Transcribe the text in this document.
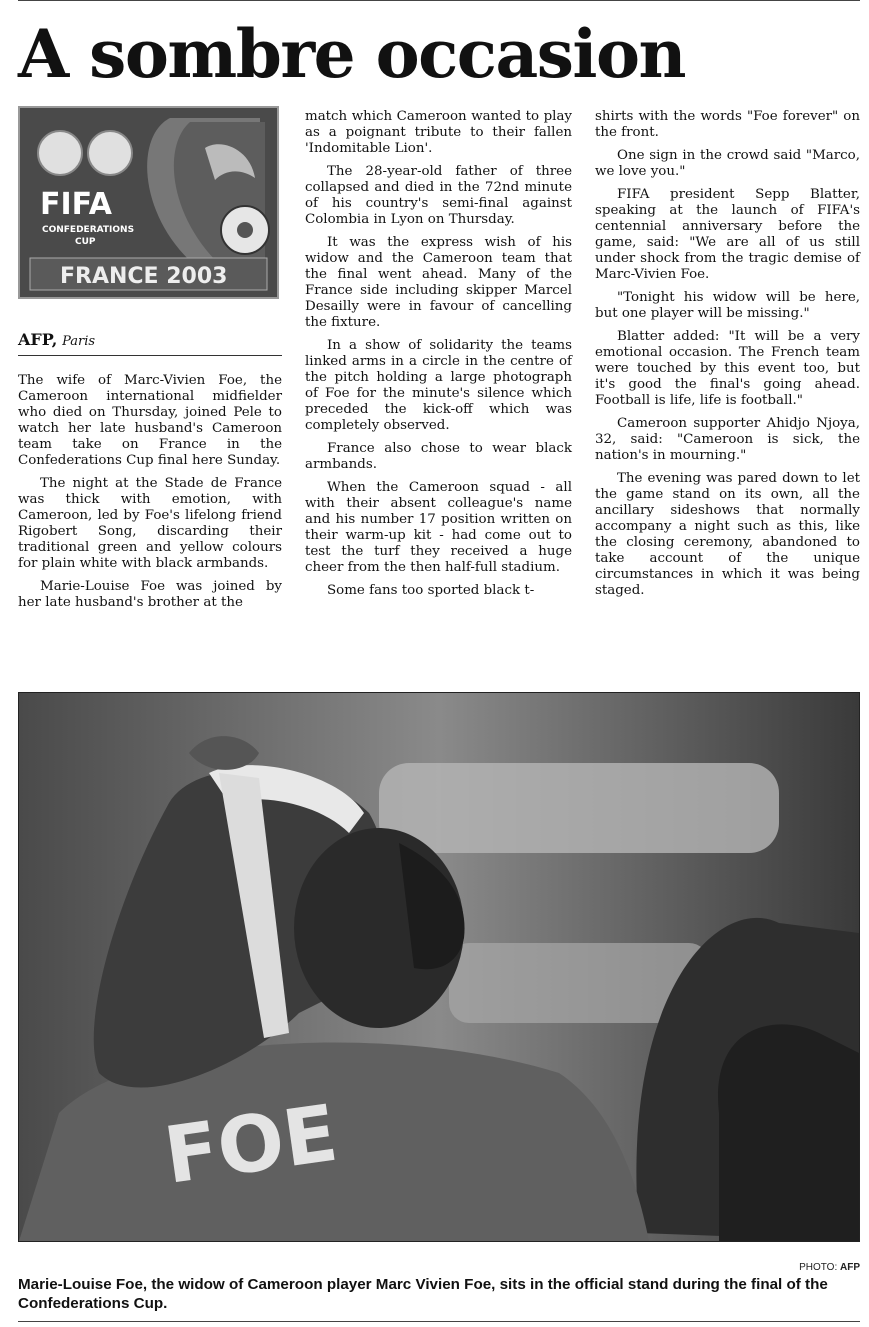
A sombre occasion
FIFA
CONFEDERATIONS
CUP
FRANCE 2003
AFP, Paris

The wife of Marc-Vivien Foe, the Cameroon international midfielder who died on Thursday, joined Pele to watch her late husband's Cameroon team take on France in the Confederations Cup final here Sunday.

The night at the Stade de France was thick with emotion, with Cameroon, led by Foe's lifelong friend Rigobert Song, discarding their traditional green and yellow colours for plain white with black armbands.

Marie-Louise Foe was joined by her late husband's brother at the

match which Cameroon wanted to play as a poignant tribute to their fallen 'Indomitable Lion'.

The 28-year-old father of three collapsed and died in the 72nd minute of his country's semi-final against Colombia in Lyon on Thursday.

It was the express wish of his widow and the Cameroon team that the final went ahead. Many of the France side including skipper Marcel Desailly were in favour of cancelling the fixture.

In a show of solidarity the teams linked arms in a circle in the centre of the pitch holding a large photograph of Foe for the minute's silence which preceded the kick-off which was completely observed.

France also chose to wear black armbands.

When the Cameroon squad - all with their absent colleague's name and his number 17 position written on their warm-up kit - had come out to test the turf they received a huge cheer from the then half-full stadium.

Some fans too sported black t-

shirts with the words "Foe forever" on the front.

One sign in the crowd said "Marco, we love you."

FIFA president Sepp Blatter, speaking at the launch of FIFA's centennial anniversary before the game, said: "We are all of us still under shock from the tragic demise of Marc-Vivien Foe.

"Tonight his widow will be here, but one player will be missing."

Blatter added: "It will be a very emotional occasion. The French team were touched by this event too, but it's good the final's going ahead. Football is life, life is football."

Cameroon supporter Ahidjo Njoya, 32, said: "Cameroon is sick, the nation's in mourning."

The evening was pared down to let the game stand on its own, all the ancillary sideshows that normally accompany a night such as this, like the closing ceremony, abandoned to take account of the unique circumstances in which it was being staged.

FOE
PHOTO: AFP
Marie-Louise Foe, the widow of Cameroon player Marc Vivien Foe, sits in the official stand during the final of the Confederations Cup.
